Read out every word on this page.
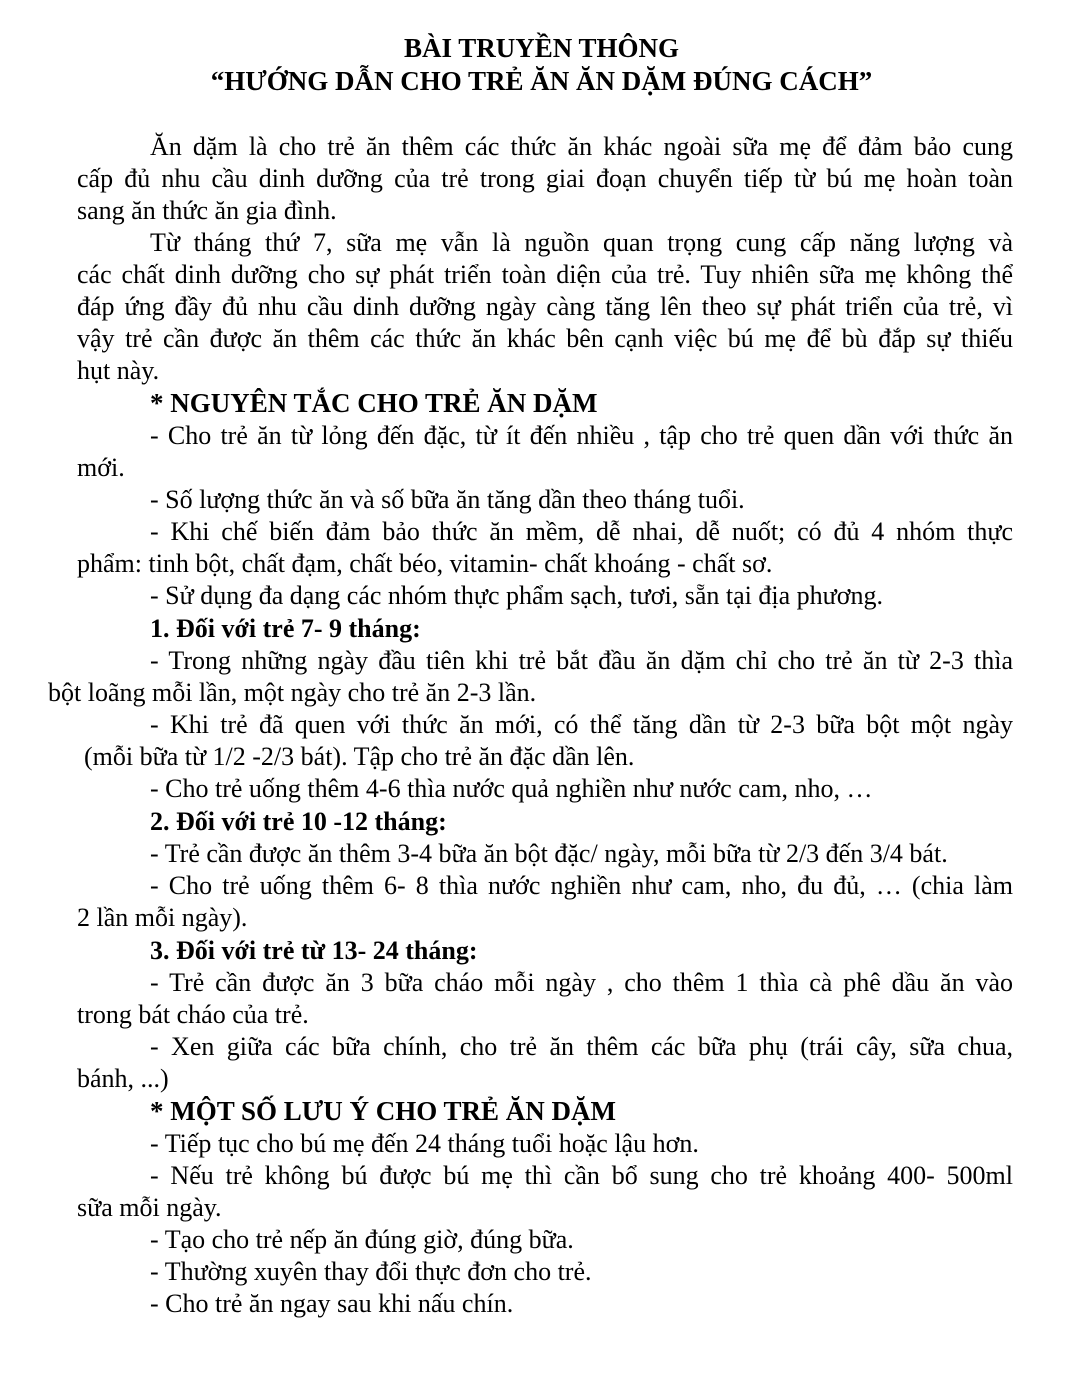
BÀI TRUYỀN THÔNG
“HƯỚNG DẪN CHO TRẺ ĂN ĂN DẶM ĐÚNG CÁCH”
Ăn dặm là cho trẻ ăn thêm các thức ăn khác ngoài sữa mẹ để đảm bảo cung
cấp đủ nhu cầu dinh dưỡng của trẻ trong giai đoạn chuyển tiếp từ bú mẹ hoàn toàn
sang ăn thức ăn gia đình.
Từ tháng thứ 7, sữa mẹ vẫn là nguồn quan trọng cung cấp năng lượng và
các chất dinh dưỡng cho sự phát triển toàn diện của trẻ. Tuy nhiên sữa mẹ không thể
đáp ứng đầy đủ nhu cầu dinh dưỡng ngày càng tăng lên theo sự phát triển của trẻ, vì
vậy trẻ cần được ăn thêm các thức ăn khác bên cạnh việc bú mẹ để bù đắp sự thiếu
hụt này.
* NGUYÊN TẮC CHO TRẺ ĂN DẶM
- Cho trẻ ăn từ lỏng đến đặc, từ ít đến nhiều , tập cho trẻ quen dần với thức ăn
mới.
- Số lượng thức ăn và số bữa ăn tăng dần theo tháng tuổi.
- Khi chế biến đảm bảo thức ăn mềm, dễ nhai, dễ nuốt; có đủ 4 nhóm thực
phẩm: tinh bột, chất đạm, chất béo, vitamin- chất khoáng - chất sơ.
- Sử dụng đa dạng các nhóm thực phẩm sạch, tươi, sẵn tại địa phương.
1. Đối với trẻ 7- 9 tháng:
- Trong những ngày đầu tiên khi trẻ bắt đầu ăn dặm chỉ cho trẻ ăn từ 2-3 thìa
bột loãng mỗi lần, một ngày cho trẻ ăn 2-3 lần.
- Khi trẻ đã quen với thức ăn mới, có thể tăng dần từ 2-3 bữa bột một ngày
(mỗi bữa từ 1/2 -2/3 bát). Tập cho trẻ ăn đặc dần lên.
- Cho trẻ uống thêm 4-6 thìa nước quả nghiền như nước cam, nho, …
2. Đối với trẻ 10 -12 tháng:
- Trẻ cần được ăn thêm 3-4 bữa ăn bột đặc/ ngày, mỗi bữa từ 2/3 đến 3/4 bát.
- Cho trẻ uống thêm 6- 8 thìa nước nghiền như cam, nho, đu đủ, … (chia làm
2 lần mỗi ngày).
3. Đối với trẻ từ 13- 24 tháng:
- Trẻ cần được ăn 3 bữa cháo mỗi ngày , cho thêm 1 thìa cà phê dầu ăn vào
trong bát cháo của trẻ.
- Xen giữa các bữa chính, cho trẻ ăn thêm các bữa phụ (trái cây, sữa chua,
bánh, ...)
* MỘT SỐ LƯU Ý CHO TRẺ ĂN DẶM
- Tiếp tục cho bú mẹ đến 24 tháng tuổi hoặc lậu hơn.
- Nếu trẻ không bú được bú mẹ thì cần bổ sung cho trẻ khoảng 400- 500ml
sữa mỗi ngày.
- Tạo cho trẻ nếp ăn đúng giờ, đúng bữa.
- Thường xuyên thay đổi thực đơn cho trẻ.
- Cho trẻ ăn ngay sau khi nấu chín.
